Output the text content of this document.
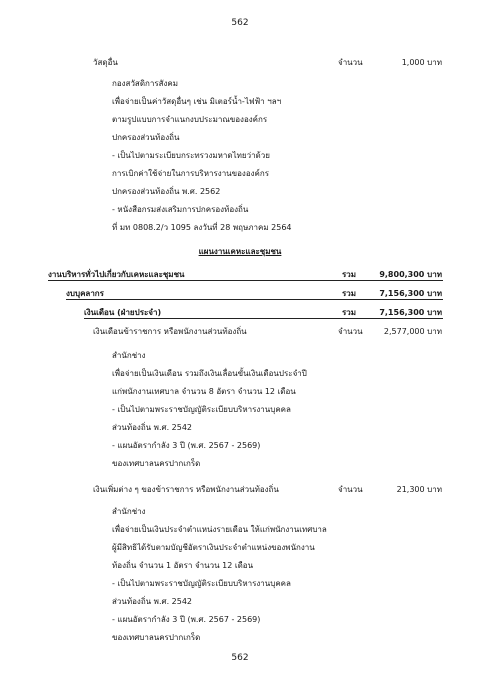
562
วัสดุอื่น	จำนวน	1,000 บาท
กองสวัสดิการสังคม
เพื่อจ่ายเป็นค่าวัสดุอื่นๆ เช่น มิเตอร์น้ำ-ไฟฟ้า ฯลฯ
ตามรูปแบบการจำแนกงบประมาณขององค์กร
ปกครองส่วนท้องถิ่น
- เป็นไปตามระเบียบกระทรวงมหาดไทยว่าด้วย
การเบิกค่าใช้จ่ายในการบริหารงานขององค์กร
ปกครองส่วนท้องถิ่น พ.ศ. 2562
- หนังสือกรมส่งเสริมการปกครองท้องถิ่น
ที่ มท 0808.2/ว 1095 ลงวันที่ 28 พฤษภาคม 2564
แผนงานเคหะและชุมชน
งานบริหารทั่วไปเกี่ยวกับเคหะและชุมชน	รวม	9,800,300 บาท
งบบุคลากร	รวม	7,156,300 บาท
เงินเดือน (ฝ่ายประจำ)	รวม	7,156,300 บาท
เงินเดือนข้าราชการ หรือพนักงานส่วนท้องถิ่น	จำนวน	2,577,000 บาท
สำนักช่าง
เพื่อจ่ายเป็นเงินเดือน รวมถึงเงินเลื่อนขั้นเงินเดือนประจำปี
แก่พนักงานเทศบาล จำนวน 8 อัตรา จำนวน 12 เดือน
- เป็นไปตามพระราชบัญญัติระเบียบบริหารงานบุคคล
ส่วนท้องถิ่น พ.ศ. 2542
- แผนอัตรากำลัง 3 ปี (พ.ศ. 2567 - 2569)
ของเทศบาลนครปากเกร็ด
เงินเพิ่มต่าง ๆ ของข้าราชการ หรือพนักงานส่วนท้องถิ่น	จำนวน	21,300 บาท
สำนักช่าง
เพื่อจ่ายเป็นเงินประจำตำแหน่งรายเดือน ให้แก่พนักงานเทศบาล
ผู้มีสิทธิได้รับตามบัญชีอัตราเงินประจำตำแหน่งของพนักงาน
ท้องถิ่น จำนวน 1 อัตรา จำนวน 12 เดือน
- เป็นไปตามพระราชบัญญัติระเบียบบริหารงานบุคคล
ส่วนท้องถิ่น พ.ศ. 2542
- แผนอัตรากำลัง 3 ปี (พ.ศ. 2567 - 2569)
ของเทศบาลนครปากเกร็ด
562
